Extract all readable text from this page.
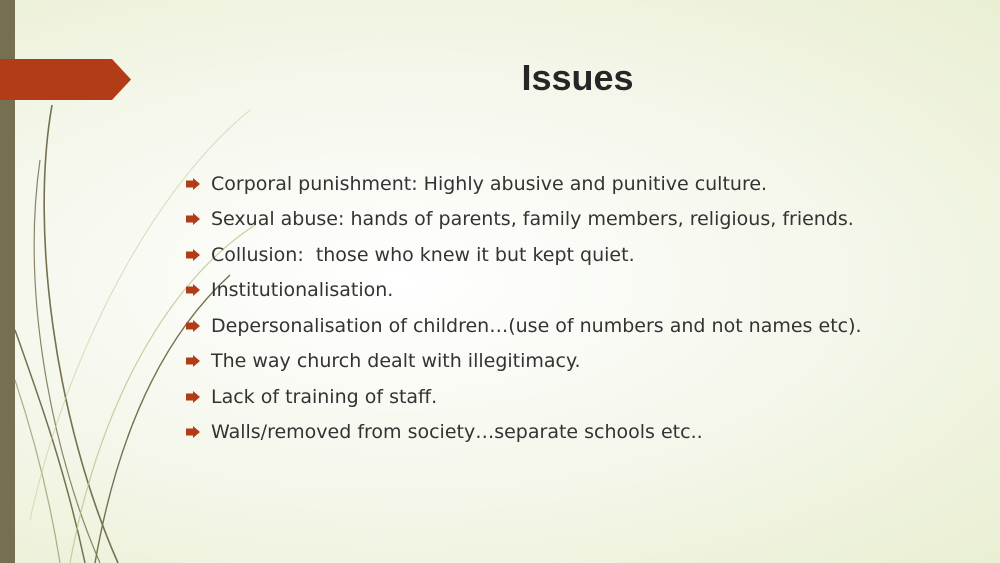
Issues
Corporal punishment: Highly abusive and punitive culture.
Sexual abuse: hands of parents, family members, religious, friends.
Collusion:  those who knew it but kept quiet.
Institutionalisation.
Depersonalisation of children…(use of numbers and not names etc).
The way church dealt with illegitimacy.
Lack of training of staff.
Walls/removed from society…separate schools etc..
